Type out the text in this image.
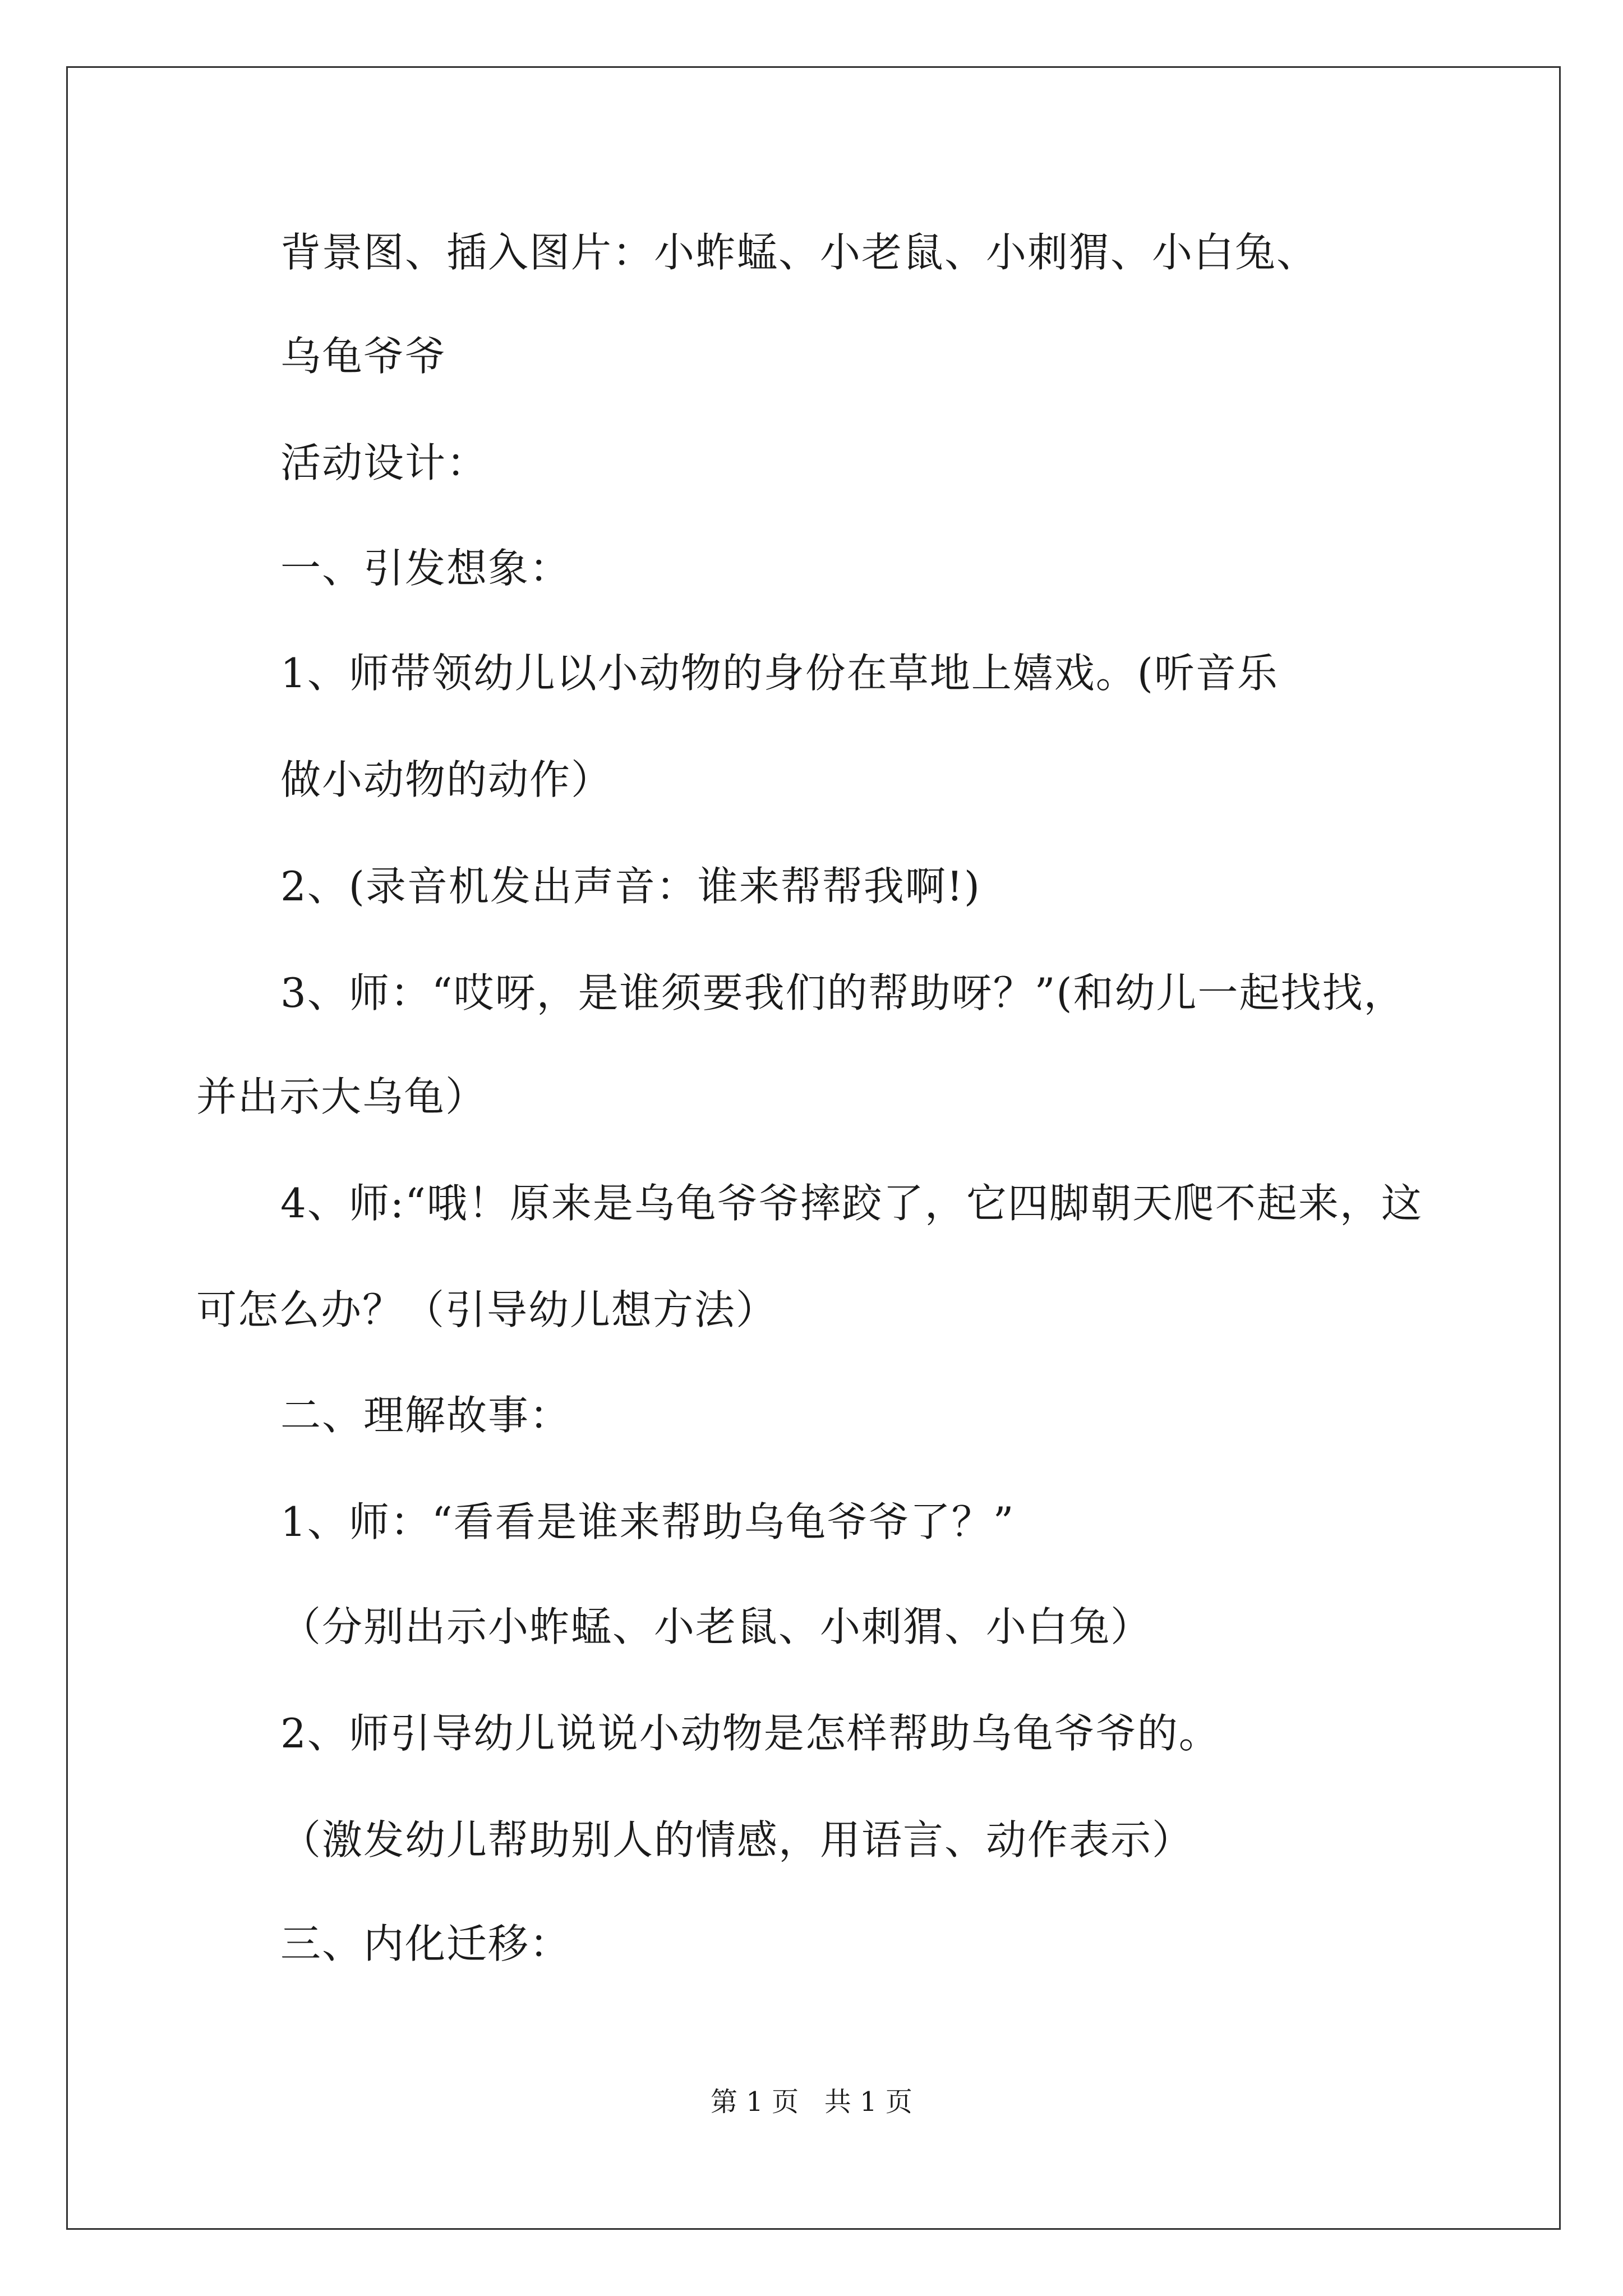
背景图、插入图片：小蚱蜢、小老鼠、小刺猬、小白兔、
乌龟爷爷
活动设计：
一、引发想象：
1、师带领幼儿以小动物的身份在草地上嬉戏。(听音乐
做小动物的动作）
2、(录音机发出声音：谁来帮帮我啊!)
3、师：“哎呀，是谁须要我们的帮助呀？”(和幼儿一起找找，
并出示大乌龟）
4、师:“哦！原来是乌龟爷爷摔跤了，它四脚朝天爬不起来，这
可怎么办？（引导幼儿想方法）
二、理解故事：
1、师：“看看是谁来帮助乌龟爷爷了？”
（分别出示小蚱蜢、小老鼠、小刺猬、小白兔）
2、师引导幼儿说说小动物是怎样帮助乌龟爷爷的。
（激发幼儿帮助别人的情感，用语言、动作表示）
三、内化迁移：
第 1 页   共 1 页
